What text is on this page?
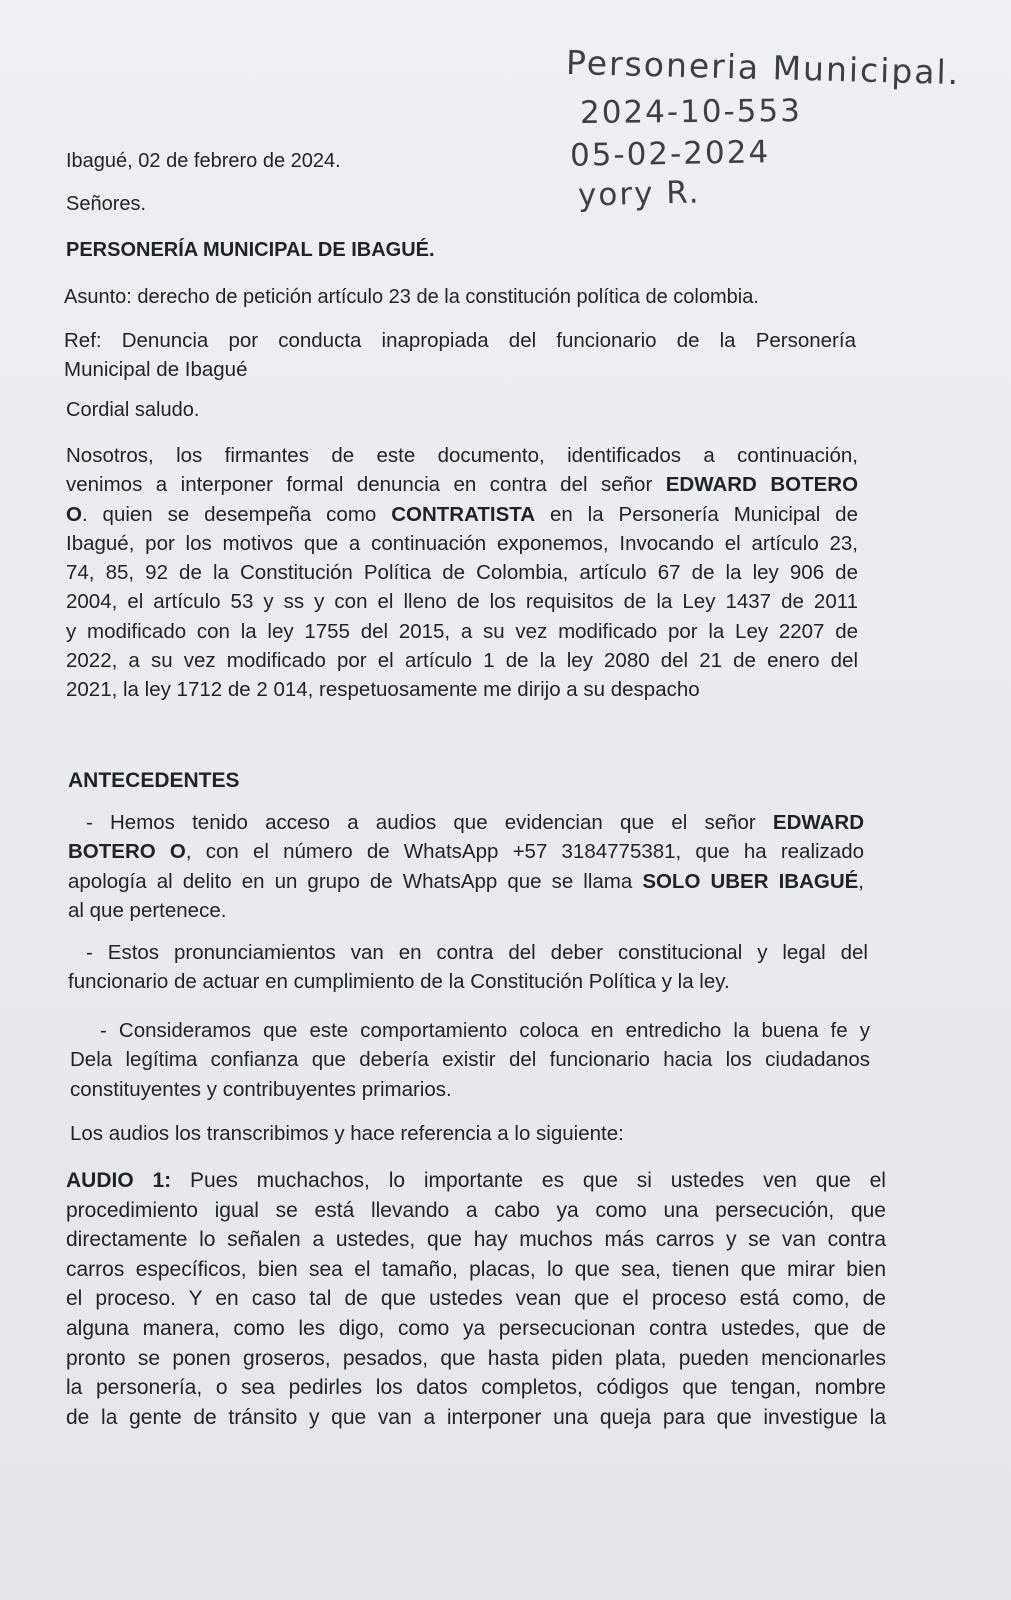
Personeria Municipal.
2024-10-553
05-02-2024
yory R.
Ibagué, 02 de febrero de 2024.
Señores.
PERSONERÍA MUNICIPAL DE IBAGUÉ.
Asunto: derecho de petición artículo 23 de la constitución política de colombia.
Ref: Denuncia por conducta inapropiada del funcionario de la Personería
Municipal de Ibagué
Cordial saludo.
Nosotros, los firmantes de este documento, identificados a continuación,
venimos a interponer formal denuncia en contra del señor EDWARD BOTERO
O. quien se desempeña como CONTRATISTA en la Personería Municipal de
Ibagué, por los motivos que a continuación exponemos, Invocando el artículo 23,
74, 85, 92 de la Constitución Política de Colombia, artículo 67 de la ley 906 de
2004, el artículo 53 y ss y con el lleno de los requisitos de la Ley 1437 de 2011
y modificado con la ley 1755 del 2015, a su vez modificado por la Ley 2207 de
2022, a su vez modificado por el artículo 1 de la ley 2080 del 21 de enero del
2021, la ley 1712 de 2 014, respetuosamente me dirijo a su despacho
ANTECEDENTES
- Hemos tenido acceso a audios que evidencian que el señor EDWARD
BOTERO O, con el número de WhatsApp +57 3184775381, que ha realizado
apología al delito en un grupo de WhatsApp que se llama SOLO UBER IBAGUÉ,
al que pertenece.
- Estos pronunciamientos van en contra del deber constitucional y legal del
funcionario de actuar en cumplimiento de la Constitución Política y la ley.
- Consideramos que este comportamiento coloca en entredicho la buena fe y
Dela legítima confianza que debería existir del funcionario hacia los ciudadanos
constituyentes y contribuyentes primarios.
Los audios los transcribimos y hace referencia a lo siguiente:
AUDIO 1: Pues muchachos, lo importante es que si ustedes ven que el
procedimiento igual se está llevando a cabo ya como una persecución, que
directamente lo señalen a ustedes, que hay muchos más carros y se van contra
carros específicos, bien sea el tamaño, placas, lo que sea, tienen que mirar bien
el proceso. Y en caso tal de que ustedes vean que el proceso está como, de
alguna manera, como les digo, como ya persecucionan contra ustedes, que de
pronto se ponen groseros, pesados, que hasta piden plata, pueden mencionarles
la personería, o sea pedirles los datos completos, códigos que tengan, nombre
de la gente de tránsito y que van a interponer una queja para que investigue la
